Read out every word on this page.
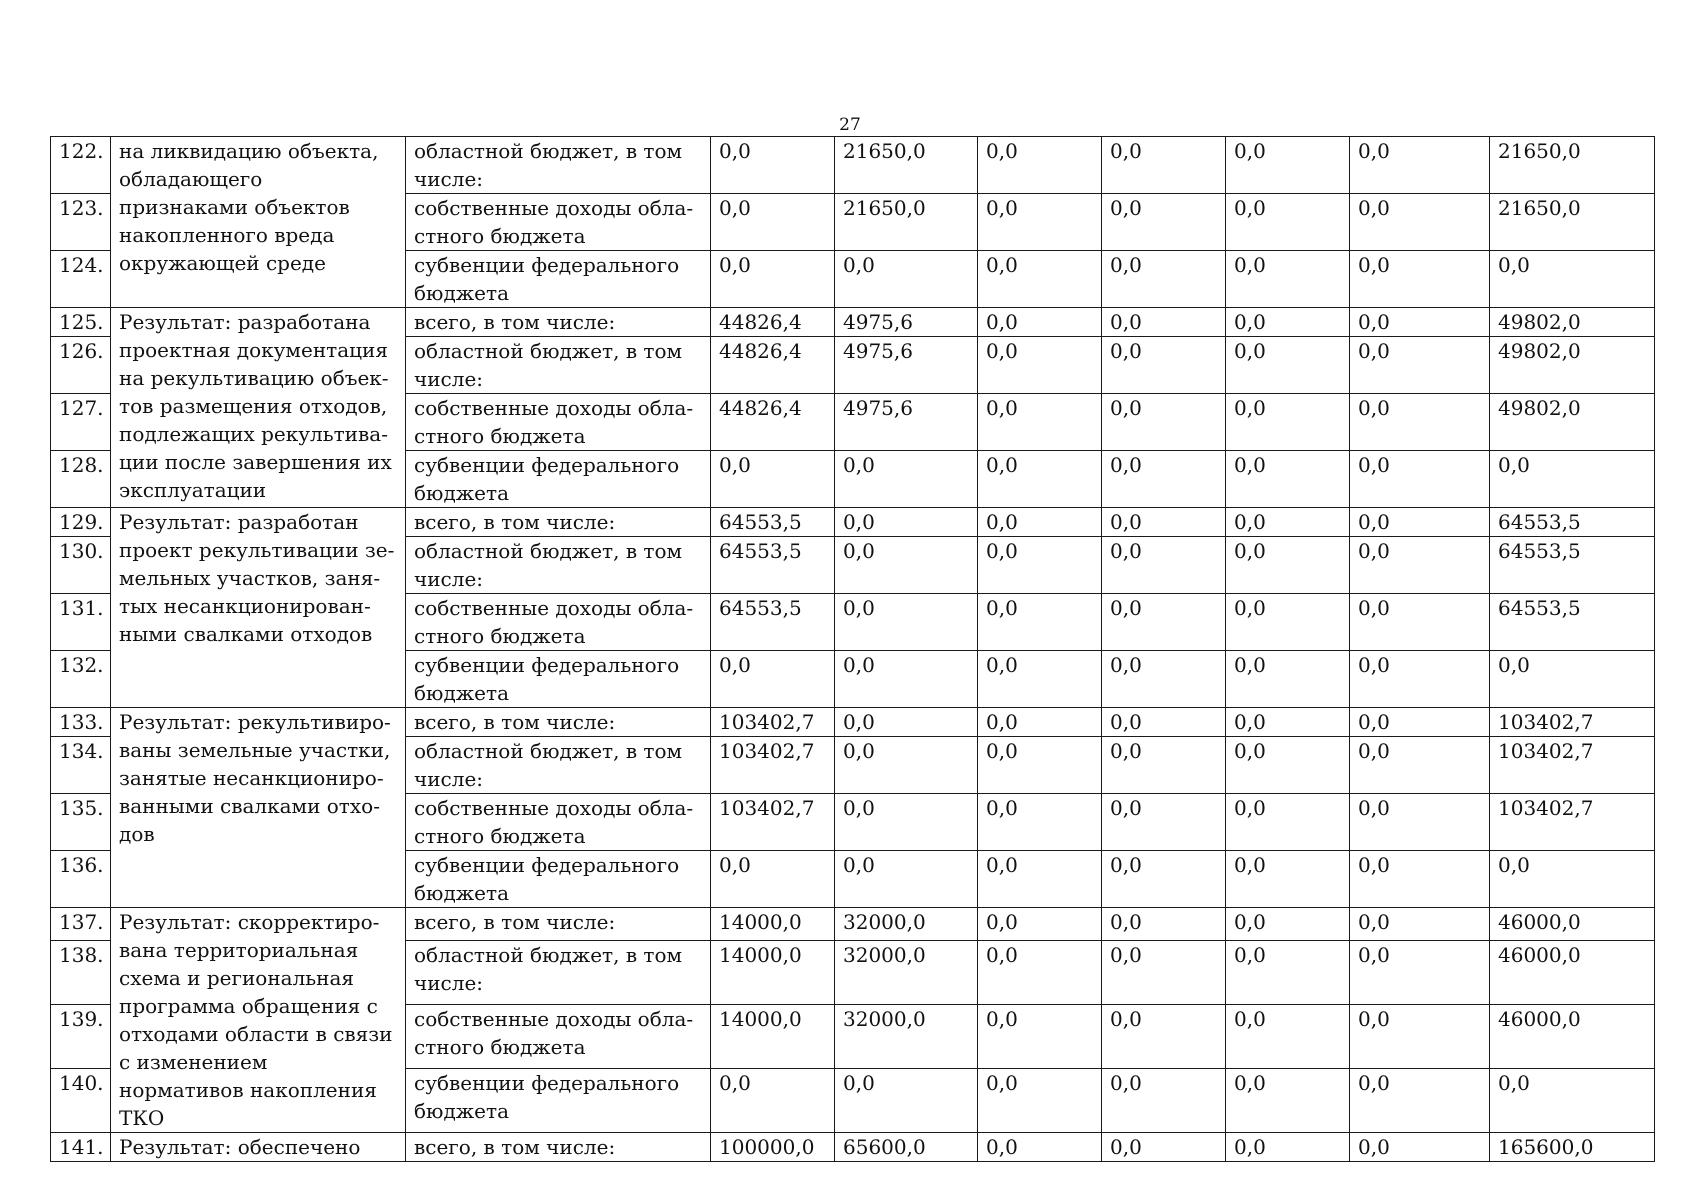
27
122.	на ликвидацию объекта, обладающего признаками объектов накопленного вреда окружающей среде	областной бюджет, в том числе:	0,0	21650,0	0,0	0,0	0,0	0,0	21650,0
123.		собственные доходы обла-стного бюджета	0,0	21650,0	0,0	0,0	0,0	0,0	21650,0
124.		субвенции федерального бюджета	0,0	0,0	0,0	0,0	0,0	0,0	0,0
125.	Результат: разработана проектная документация на рекультивацию объек-тов размещения отходов, подлежащих рекультива-ции после завершения их эксплуатации	всего, в том числе:	44826,4	4975,6	0,0	0,0	0,0	0,0	49802,0
126.		областной бюджет, в том числе:	44826,4	4975,6	0,0	0,0	0,0	0,0	49802,0
127.		собственные доходы обла-стного бюджета	44826,4	4975,6	0,0	0,0	0,0	0,0	49802,0
128.		субвенции федерального бюджета	0,0	0,0	0,0	0,0	0,0	0,0	0,0
129.	Результат: разработан проект рекультивации зе-мельных участков, заня-тых несанкционирован-ными свалками отходов	всего, в том числе:	64553,5	0,0	0,0	0,0	0,0	0,0	64553,5
130.		областной бюджет, в том числе:	64553,5	0,0	0,0	0,0	0,0	0,0	64553,5
131.		собственные доходы обла-стного бюджета	64553,5	0,0	0,0	0,0	0,0	0,0	64553,5
132.		субвенции федерального бюджета	0,0	0,0	0,0	0,0	0,0	0,0	0,0
133.	Результат: рекультивиро-ваны земельные участки, занятые несанкциониро-ванными свалками отхо-дов	всего, в том числе:	103402,7	0,0	0,0	0,0	0,0	0,0	103402,7
134.		областной бюджет, в том числе:	103402,7	0,0	0,0	0,0	0,0	0,0	103402,7
135.		собственные доходы обла-стного бюджета	103402,7	0,0	0,0	0,0	0,0	0,0	103402,7
136.		субвенции федерального бюджета	0,0	0,0	0,0	0,0	0,0	0,0	0,0
137.	Результат: скорректиро-вана территориальная схема и региональная программа обращения с отходами области в связи с изменением нормативов накопления ТКО	всего, в том числе:	14000,0	32000,0	0,0	0,0	0,0	0,0	46000,0
138.		областной бюджет, в том числе:	14000,0	32000,0	0,0	0,0	0,0	0,0	46000,0
139.		собственные доходы обла-стного бюджета	14000,0	32000,0	0,0	0,0	0,0	0,0	46000,0
140.		субвенции федерального бюджета	0,0	0,0	0,0	0,0	0,0	0,0	0,0
141.	Результат: обеспечено	всего, в том числе:	100000,0	65600,0	0,0	0,0	0,0	0,0	165600,0
